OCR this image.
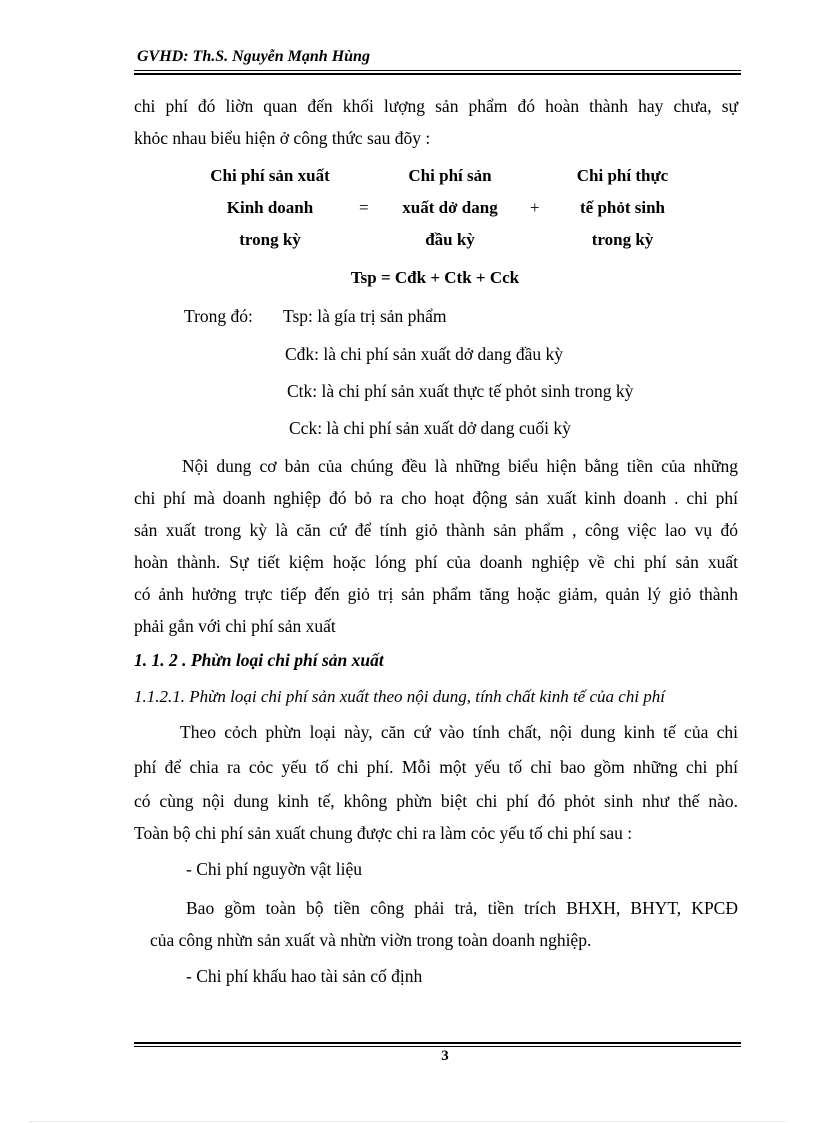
GVHD: Th.S. Nguyễn Mạnh Hùng
chi phí đó liờn quan đến khối lượng sản phẩm đó hoàn thành hay chưa, sự
khỏc nhau biểu hiện ở công thức sau đõy :
Chi phí sản xuất
Kinh doanh
trong kỳ
=
Chi phí sản
xuất dở dang
đầu kỳ
+
Chi phí thực
tế phỏt sinh
trong kỳ
Tsp = Cđk + Ctk + Cck
Trong đó: Tsp: là gía trị sản phẩm
Cđk: là chi phí sản xuất dở dang đầu kỳ
Ctk: là chi phí sản xuất thực tế phỏt sinh trong kỳ
Cck: là chi phí sản xuất dở dang cuối kỳ
Nội dung cơ bản của chúng đều là những biểu hiện bằng tiền của những
chi phí mà doanh nghiệp đó bỏ ra cho hoạt động sản xuất kinh doanh . chi phí
sản xuất trong kỳ là căn cứ để tính giỏ thành sản phẩm , công việc lao vụ đó
hoàn thành. Sự tiết kiệm hoặc lóng phí của doanh nghiệp về chi phí sản xuất
có ảnh hưởng trực tiếp đến giỏ trị sản phẩm tăng hoặc giảm, quản lý giỏ thành
phải gắn với chi phí sản xuất
1. 1. 2 . Phừn loại chi phí sản xuất
1.1.2.1. Phừn loại chi phí sản xuất theo nội dung, tính chất kinh tế của chi phí
Theo cỏch phừn loại này, căn cứ vào tính chất, nội dung kinh tế của chi
phí để chia ra cỏc yếu tố chi phí. Mỗi một yếu tố chỉ bao gồm những chi phí
có cùng nội dung kinh tế, không phừn biệt chi phí đó phỏt sinh như thế nào.
Toàn bộ chi phí sản xuất chung được chi ra làm cỏc yếu tố chi phí sau :
- Chi phí nguyờn vật liệu
Bao gồm toàn bộ tiền công phải trả, tiền trích BHXH, BHYT, KPCĐ
của công nhừn sản xuất và nhừn viờn trong toàn doanh nghiệp.
- Chi phí khấu hao tài sản cố định
3
